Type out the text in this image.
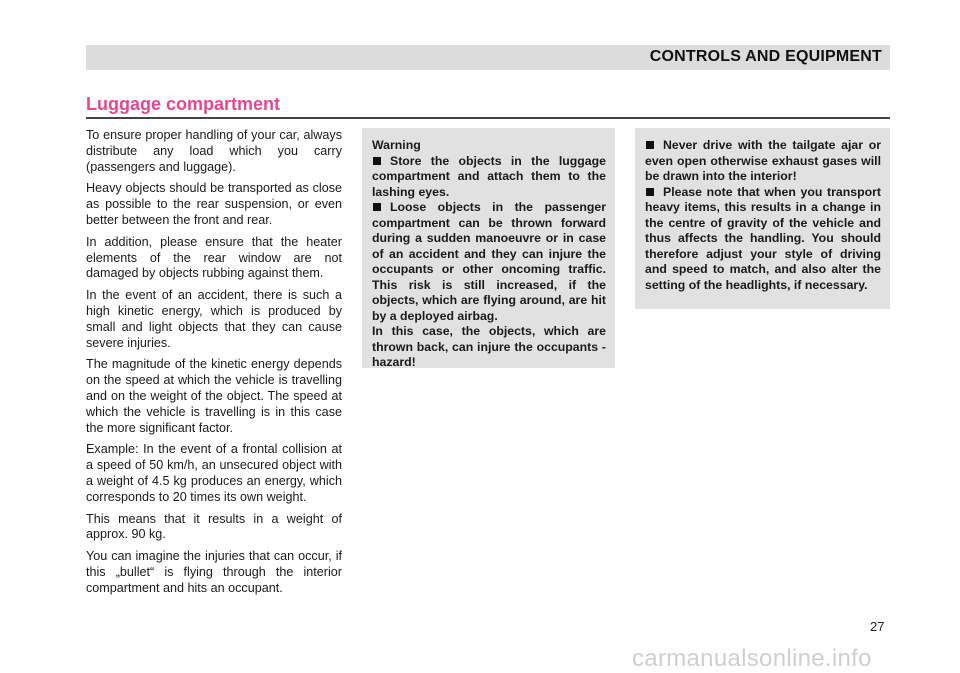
CONTROLS AND EQUIPMENT
Luggage compartment

To ensure proper handling of your car, always distribute any load which you carry (passengers and luggage).

Heavy objects should be transported as close as possible to the rear suspension, or even better between the front and rear.

In addition, please ensure that the heater elements of the rear window are not damaged by objects rubbing against them.

In the event of an accident, there is such a high kinetic energy, which is produced by small and light objects that they can cause severe injuries.

The magnitude of the kinetic energy depends on the speed at which the vehicle is travelling and on the weight of the object. The speed at which the vehicle is travelling is in this case the more significant factor.

Example: In the event of a frontal collision at a speed of 50 km/h, an unsecured object with a weight of 4.5 kg produces an energy, which corresponds to 20 times its own weight.

This means that it results in a weight of approx. 90 kg.

You can imagine the injuries that can occur, if this „bullet“ is flying through the interior compartment and hits an occupant.

Warning

Store the objects in the luggage compartment and attach them to the lashing eyes.

Loose objects in the passenger compartment can be thrown forward during a sudden manoeuvre or in case of an accident and they can injure the occupants or other oncoming traffic. This risk is still increased, if the objects, which are flying around, are hit by a deployed airbag.

In this case, the objects, which are thrown back, can injure the occupants - hazard!

Never drive with the tailgate ajar or even open otherwise exhaust gases will be drawn into the interior!

Please note that when you transport heavy items, this results in a change in the centre of gravity of the vehicle and thus affects the handling. You should therefore adjust your style of driving and speed to match, and also alter the setting of the headlights, if necessary.

27
carmanualsonline.info
